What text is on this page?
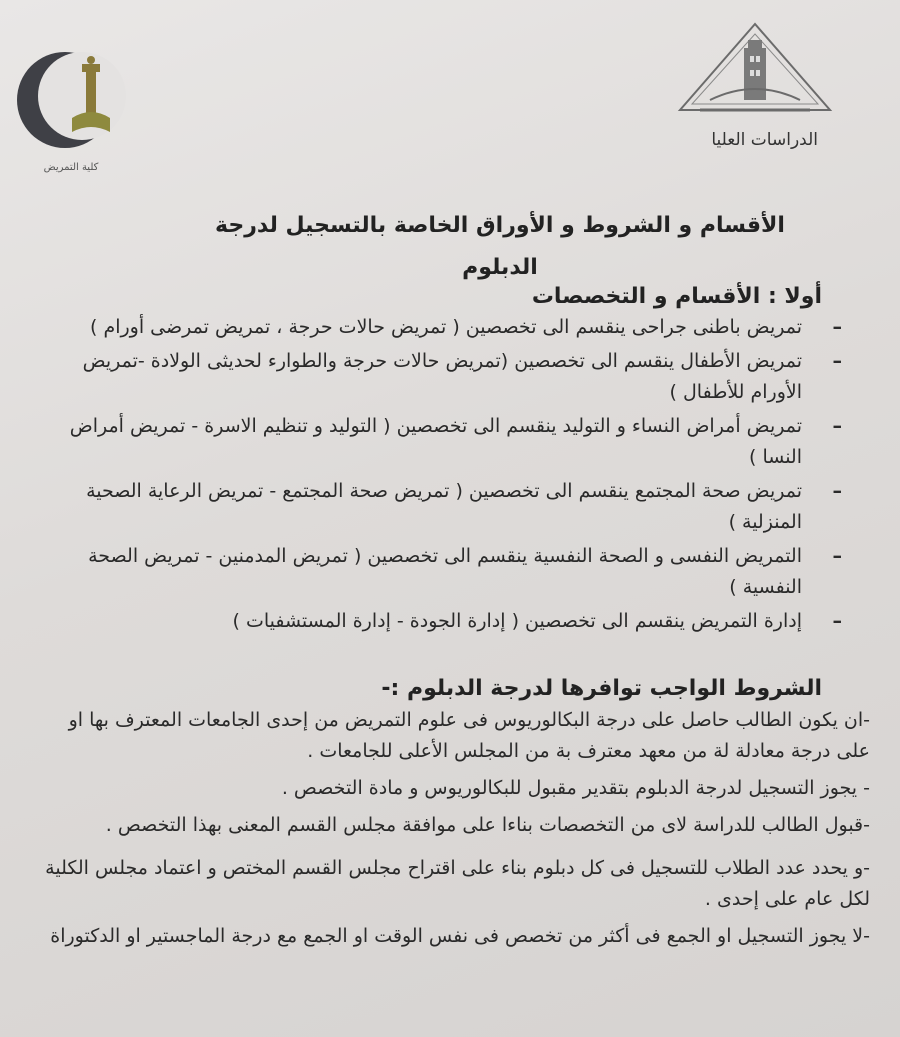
كلية التمريض
الدراسات العليا
الأقسام و الشروط و الأوراق الخاصة بالتسجيل لدرجة الدبلوم
أولا : الأقسام و التخصصات
–
تمريض باطنى جراحى ينقسم الى تخصصين ( تمريض حالات حرجة ، تمريض تمرضى أورام )
–
تمريض الأطفال ينقسم الى تخصصين (تمريض حالات حرجة والطوارء لحديثى الولادة -تمريض الأورام للأطفال )
–
تمريض أمراض النساء و التوليد ينقسم الى تخصصين ( التوليد و تنظيم الاسرة - تمريض أمراض النسا )
–
تمريض صحة المجتمع ينقسم الى تخصصين ( تمريض صحة المجتمع - تمريض الرعاية الصحية المنزلية )
–
التمريض النفسى و الصحة النفسية ينقسم الى تخصصين ( تمريض المدمنين - تمريض الصحة النفسية )
–
إدارة التمريض ينقسم الى تخصصين ( إدارة الجودة - إدارة المستشفيات )
الشروط الواجب توافرها لدرجة الدبلوم :-
-ان يكون الطالب حاصل على درجة البكالوريوس فى علوم التمريض من إحدى الجامعات المعترف بها او على درجة معادلة لة من معهد معترف بة من المجلس الأعلى للجامعات .
- يجوز التسجيل لدرجة الدبلوم بتقدير مقبول للبكالوريوس و مادة التخصص .
-قبول الطالب للدراسة لاى من التخصصات بناءا على موافقة مجلس القسم المعنى بهذا التخصص .
-و يحدد عدد الطلاب للتسجيل فى كل دبلوم بناء على اقتراح مجلس القسم المختص و اعتماد مجلس الكلية لكل عام على إحدى .
-لا يجوز التسجيل او الجمع فى أكثر من تخصص فى نفس الوقت او الجمع مع درجة الماجستير او الدكتوراة
